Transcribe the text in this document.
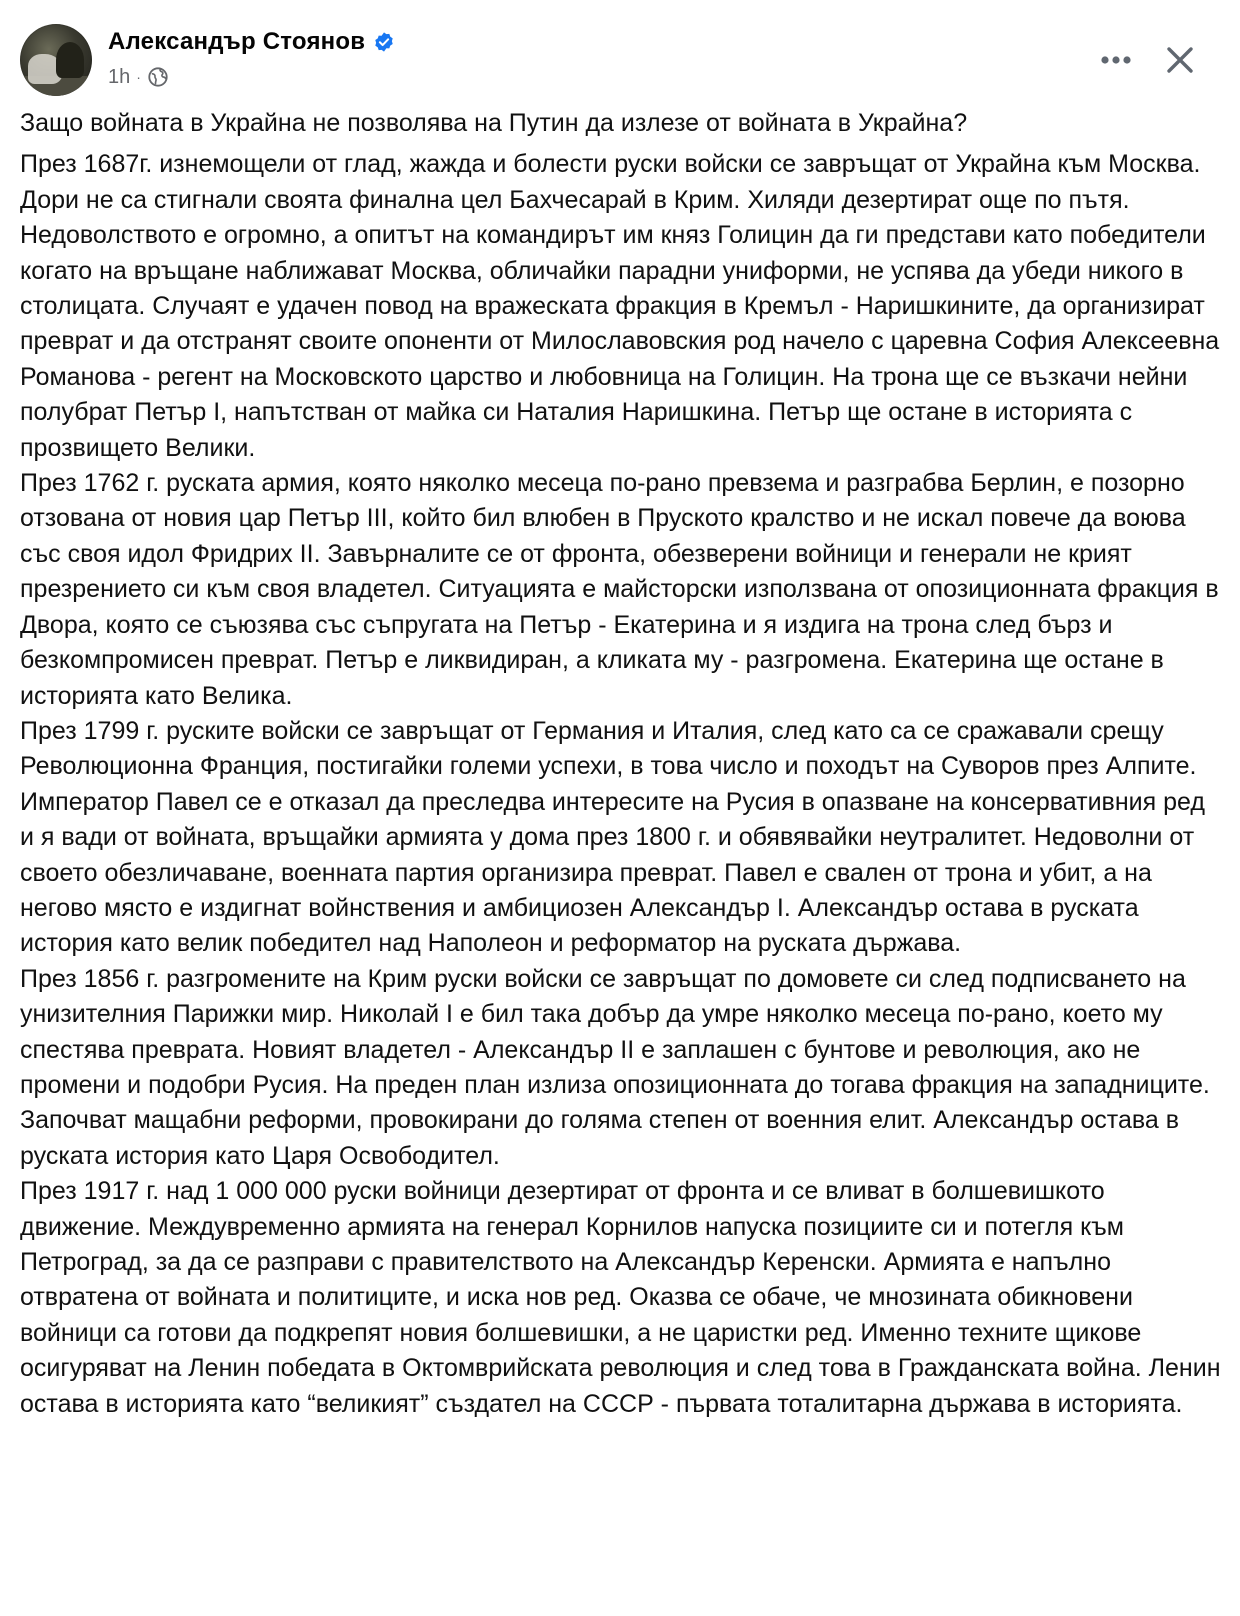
Александър Стоянов
1h ·

Защо войната в Украйна не позволява на Путин да излезе от войната в Украйна?

През 1687г. изнемощели от глад, жажда и болести руски войски се завръщат от Украйна към Москва. Дори не са стигнали своята финална цел Бахчесарай в Крим. Хиляди дезертират още по пътя. Недоволството е огромно, а опитът на командирът им княз Голицин да ги представи като победители когато на връщане наближават Москва, обличайки парадни униформи, не успява да убеди никого в столицата. Случаят е удачен повод на вражеската фракция в Кремъл - Наришкините, да организират преврат и да отстранят своите опоненти от Милославовския род начело с царевна София Алексеевна Романова - регент на Московското царство и любовница на Голицин. На трона ще се възкачи нейни полубрат Петър I, напътстван от майка си Наталия Наришкина. Петър ще остане в историята с прозвището Велики.

През 1762 г. руската армия, която няколко месеца по-рано превзема и разграбва Берлин, е позорно отзована от новия цар Петър III, който бил влюбен в Пруското кралство и не искал повече да воюва със своя идол Фридрих II. Завърналите се от фронта, обезверени войници и генерали не крият презрението си към своя владетел. Ситуацията е майсторски използвана от опозиционната фракция в Двора, която се съюзява със съпругата на Петър - Екатерина и я издига на трона след бърз и безкомпромисен преврат. Петър е ликвидиран, а кликата му - разгромена. Екатерина ще остане в историята като Велика.

През 1799 г. руските войски се завръщат от Германия и Италия, след като са се сражавали срещу Революционна Франция, постигайки големи успехи, в това число и походът на Суворов през Алпите. Император Павел се е отказал да преследва интересите на Русия в опазване на консервативния ред и я вади от войната, връщайки армията у дома през 1800 г. и обявявайки неутралитет. Недоволни от своето обезличаване, военната партия организира преврат. Павел е свален от трона и убит, а на негово място е издигнат войнствения и амбициозен Александър I. Александър остава в руската история като велик победител над Наполеон и реформатор на руската държава.

През 1856 г. разгромените на Крим руски войски се завръщат по домовете си след подписването на унизителния Парижки мир. Николай I е бил така добър да умре няколко месеца по-рано, което му спестява преврата. Новият владетел - Александър II е заплашен с бунтове и революция, ако не промени и подобри Русия. На преден план излиза опозиционната до тогава фракция на западниците. Започват мащабни реформи, провокирани до голяма степен от военния елит. Александър остава в руската история като Царя Освободител.

През 1917 г. над 1 000 000 руски войници дезертират от фронта и се вливат в болшевишкото движение. Междувременно армията на генерал Корнилов напуска позициите си и потегля към Петроград, за да се разправи с правителството на Александър Керенски. Армията е напълно отвратена от войната и политиците, и иска нов ред. Оказва се обаче, че мнозината обикновени войници са готови да подкрепят новия болшевишки, а не царистки ред. Именно техните щикове осигуряват на Ленин победата в Октомврийската революция и след това в Гражданската война. Ленин остава в историята като “великият” създател на СССР - първата тоталитарна държава в историята.
